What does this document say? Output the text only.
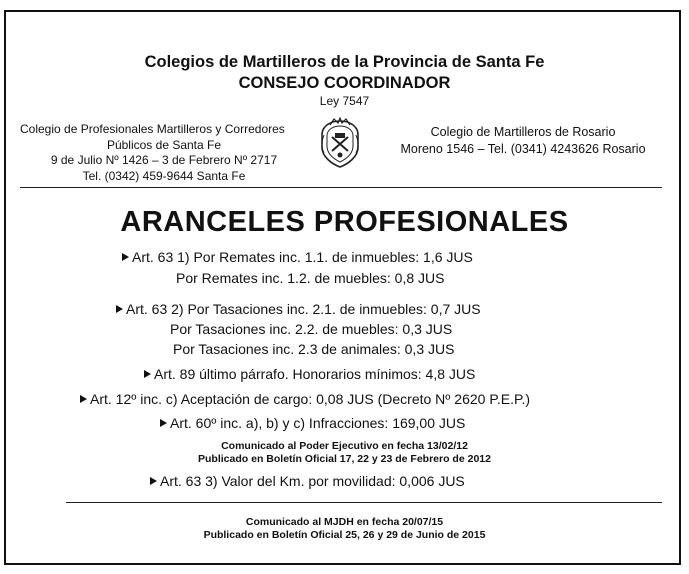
Colegios de Martilleros de la Provincia de Santa Fe
CONSEJO COORDINADOR
Ley 7547
Colegio de Profesionales Martilleros y Corredores
Públicos de Santa Fe
9 de Julio Nº 1426 – 3 de Febrero Nº 2717
Tel. (0342) 459-9644 Santa Fe
Colegio de Martilleros de Rosario
Moreno 1546 – Tel. (0341) 4243626 Rosario
ARANCELES PROFESIONALES
Art. 63 1) Por Remates inc. 1.1. de inmuebles: 1,6 JUS
Por Remates inc. 1.2. de muebles: 0,8 JUS
Art. 63 2) Por Tasaciones inc. 2.1. de inmuebles: 0,7 JUS
Por Tasaciones inc. 2.2. de muebles: 0,3 JUS
Por Tasaciones inc. 2.3 de animales: 0,3 JUS
Art. 89 último párrafo. Honorarios mínimos: 4,8 JUS
Art. 12º inc. c) Aceptación de cargo: 0,08 JUS (Decreto Nº 2620 P.E.P.)
Art. 60º inc. a), b) y c) Infracciones: 169,00 JUS
Comunicado al Poder Ejecutivo en fecha 13/02/12
Publicado en Boletín Oficial 17, 22 y 23 de Febrero de 2012
Art. 63 3) Valor del Km. por movilidad: 0,006 JUS
Comunicado al MJDH en fecha 20/07/15
Publicado en Boletín Oficial 25, 26 y 29 de Junio de 2015
